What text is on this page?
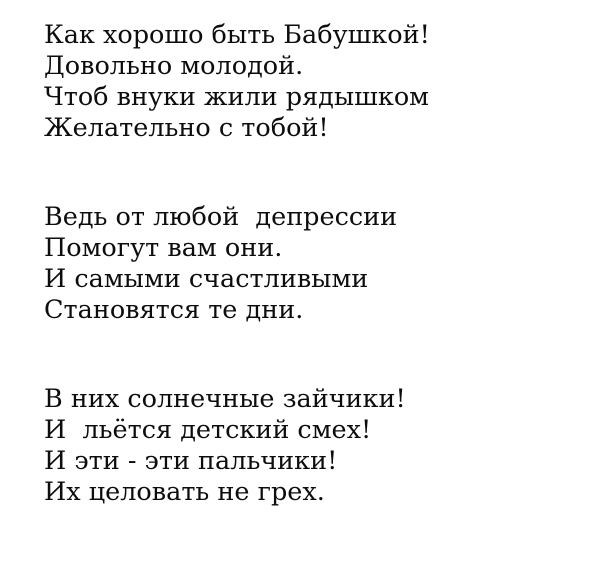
Как хорошо быть Бабушкой!
Довольно молодой.
Чтоб внуки жили рядышком
Желательно с тобой!
Ведь от любой  депрессии
Помогут вам они.
И самыми счастливыми
Становятся те дни.
В них солнечные зайчики!
И  льётся детский смех!
И эти - эти пальчики!
Их целовать не грех.
